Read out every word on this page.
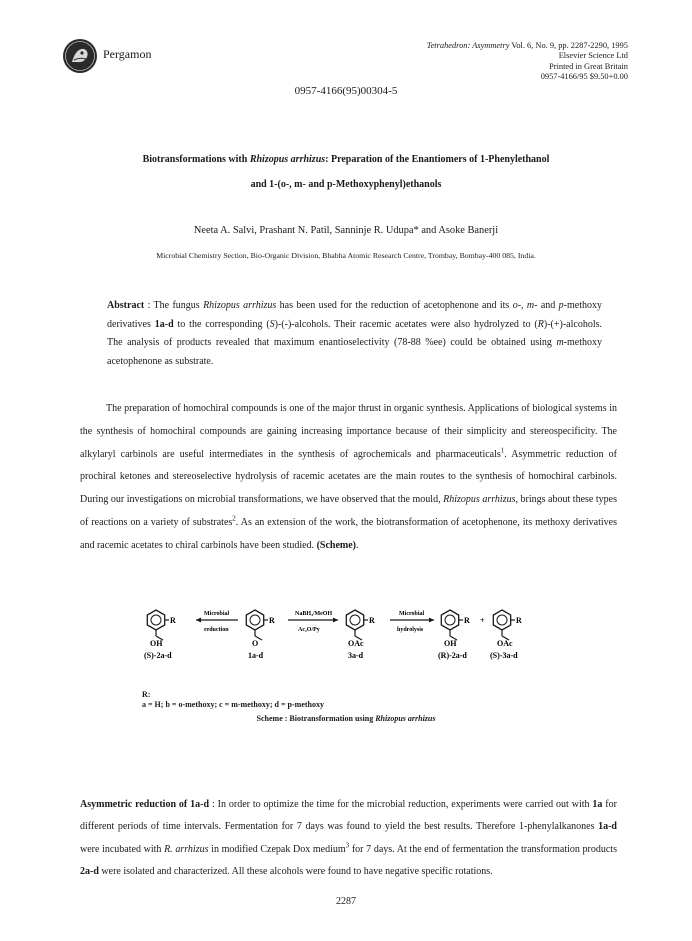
Pergamon
Tetrahedron: Asymmetry Vol. 6, No. 9, pp. 2287-2290, 1995
Elsevier Science Ltd
Printed in Great Britain
0957-4166/95 $9.50+0.00
0957-4166(95)00304-5
Biotransformations with Rhizopus arrhizus: Preparation of the Enantiomers of 1-Phenylethanol
and 1-(o-, m- and p-Methoxyphenyl)ethanols
Neeta A. Salvi, Prashant N. Patil, Sanninje R. Udupa* and Asoke Banerji
Microbial Chemistry Section, Bio-Organic Division, Bhabha Atomic Research Centre, Trombay, Bombay-400 085, India.
Abstract : The fungus Rhizopus arrhizus has been used for the reduction of acetophenone and its o-, m- and p-methoxy derivatives 1a-d to the corresponding (S)-(-)-alcohols. Their racemic acetates were also hydrolyzed to (R)-(+)-alcohols. The analysis of products revealed that maximum enantioselectivity (78-88 %ee) could be obtained using m-methoxy acetophenone as substrate.
The preparation of homochiral compounds is one of the major thrust in organic synthesis. Applications of biological systems in the synthesis of homochiral compounds are gaining increasing importance because of their simplicity and stereospecificity. The alkylaryl carbinols are useful intermediates in the synthesis of agrochemicals and pharmaceuticals$^1$. Asymmetric reduction of prochiral ketones and stereoselective hydrolysis of racemic acetates are the main routes to the synthesis of homochiral carbinols. During our investigations on microbial transformations, we have observed that the mould, Rhizopus arrhizus, brings about these types of reactions on a variety of substrates$^2$. As an extension of the work, the biotransformation of acetophenone, its methoxy derivatives and racemic acetates to chiral carbinols have been studied. (Scheme).
R
OH
(S)-2a-d
Microbial
reduction
R
O
1a-d
NaBH₄/MeOH
Ac₂O/Py
R
OAc
3a-d
Microbial
hydrolysis
R
OH
(R)-2a-d
+	R
OAc
(S)-3a-d
R:
a = H; b = o-methoxy; c = m-methoxy; d = p-methoxy
Scheme : Biotransformation using Rhizopus arrhizus
Asymmetric reduction of 1a-d : In order to optimize the time for the microbial reduction, experiments were carried out with 1a for different periods of time intervals. Fermentation for 7 days was found to yield the best results. Therefore 1-phenylalkanones 1a-d were incubated with R. arrhizus in modified Czepak Dox medium$^3$ for 7 days. At the end of fermentation the transformation products 2a-d were isolated and characterized. All these alcohols were found to have negative specific rotations.
2287
